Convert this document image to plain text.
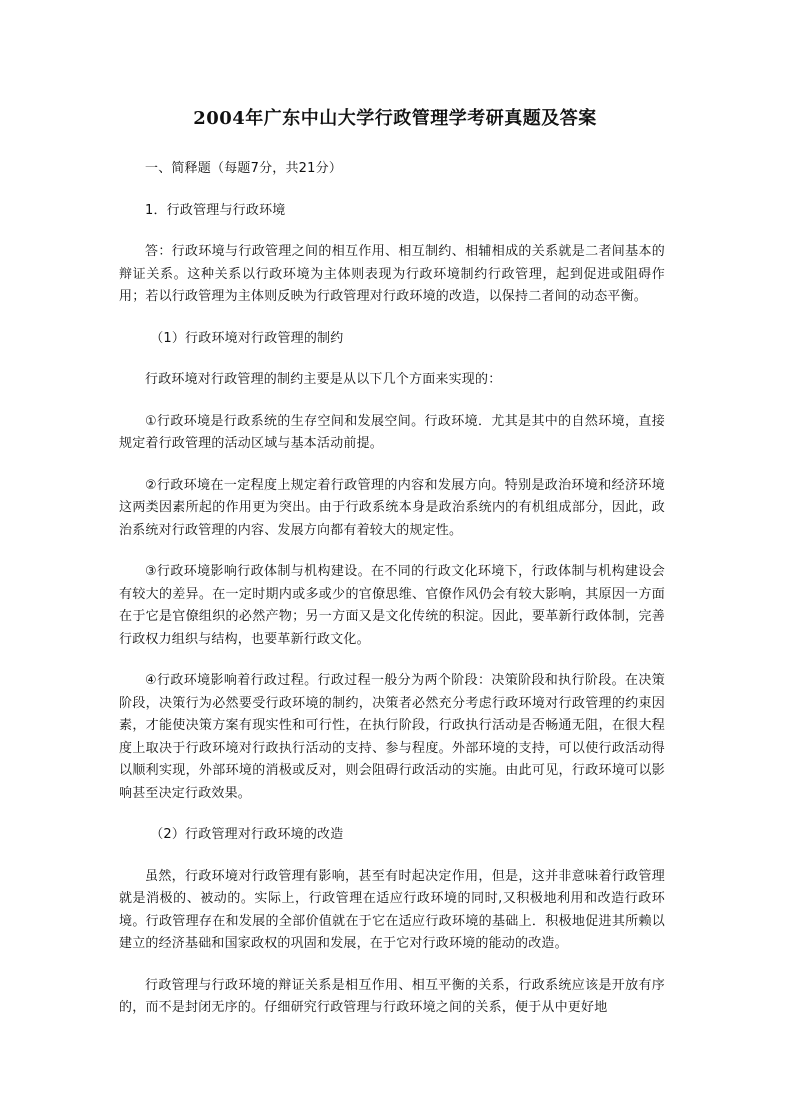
2004年广东中山大学行政管理学考研真题及答案

一、简释题（每题7分，共21分）

1．行政管理与行政环境

答：行政环境与行政管理之间的相互作用、相互制约、相辅相成的关系就是二者间基本的辩证关系。这种关系以行政环境为主体则表现为行政环境制约行政管理，起到促进或阻碍作用；若以行政管理为主体则反映为行政管理对行政环境的改造，以保持二者间的动态平衡。

（1）行政环境对行政管理的制约

行政环境对行政管理的制约主要是从以下几个方面来实现的：

①行政环境是行政系统的生存空间和发展空间。行政环境．尤其是其中的自然环境，直接规定着行政管理的活动区域与基本活动前提。

②行政环境在一定程度上规定着行政管理的内容和发展方向。特别是政治环境和经济环境这两类因素所起的作用更为突出。由于行政系统本身是政治系统内的有机组成部分，因此，政治系统对行政管理的内容、发展方向都有着较大的规定性。

③行政环境影响行政体制与机构建设。在不同的行政文化环境下，行政体制与机构建设会有较大的差异。在一定时期内或多或少的官僚思维、官僚作风仍会有较大影响，其原因一方面在于它是官僚组织的必然产物；另一方面又是文化传统的积淀。因此，要革新行政体制，完善行政权力组织与结构，也要革新行政文化。

④行政环境影响着行政过程。行政过程一般分为两个阶段：决策阶段和执行阶段。在决策阶段，决策行为必然要受行政环境的制约，决策者必然充分考虑行政环境对行政管理的约束因素，才能使决策方案有现实性和可行性，在执行阶段，行政执行活动是否畅通无阻，在很大程度上取决于行政环境对行政执行活动的支持、参与程度。外部环境的支持，可以使行政活动得以顺利实现，外部环境的消极或反对，则会阻碍行政活动的实施。由此可见，行政环境可以影响甚至决定行政效果。

（2）行政管理对行政环境的改造

虽然，行政环境对行政管理有影响，甚至有时起决定作用，但是，这并非意味着行政管理就是消极的、被动的。实际上，行政管理在适应行政环境的同时,又积极地利用和改造行政环境。行政管理存在和发展的全部价值就在于它在适应行政环境的基础上．积极地促进其所赖以建立的经济基础和国家政权的巩固和发展，在于它对行政环境的能动的改造。

行政管理与行政环境的辩证关系是相互作用、相互平衡的关系，行政系统应该是开放有序的，而不是封闭无序的。仔细研究行政管理与行政环境之间的关系，便于从中更好地
